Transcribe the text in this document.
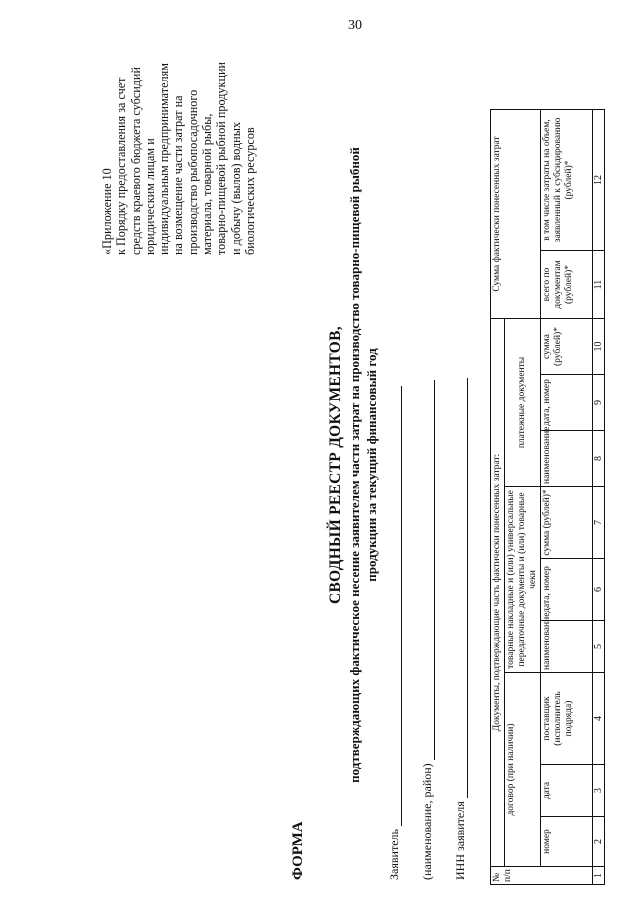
30
«Приложение 10 к Порядку предоставления за счет средств краевого бюджета субсидий юридическим лицам и индивидуальным предпринимателям на возмещение части затрат на производство рыбопосадочного материала, товарной рыбы, товарно-пищевой рыбной продукции и добычу (вылов) водных биологических ресурсов
ФОРМА
СВОДНЫЙ РЕЕСТР ДОКУМЕНТОВ, подтверждающих фактическое несение заявителем части затрат на производство товарно-пищевой рыбной продукции за текущий финансовый год
Заявитель (наименование, район) ИНН заявителя	№ п/п	Документы, подтверждающие часть фактически понесенных затрат:									Сумма фактически понесенных затрат	
	договор (при наличии)			товарные накладные и (или) универсальные передаточные документы и (или) товарные чеки			платежные документы				
	номер	дата	поставщик (исполнитель подряда)	наименование	дата, номер	сумма (рублей)*	наименование	дата, номер	сумма (рублей)*	всего по документам (рублей)*	в том числе затраты на объем, заявленный к субсидированию (рублей)*

1	2	3	4	5	6	7	8	9	10	11	12
